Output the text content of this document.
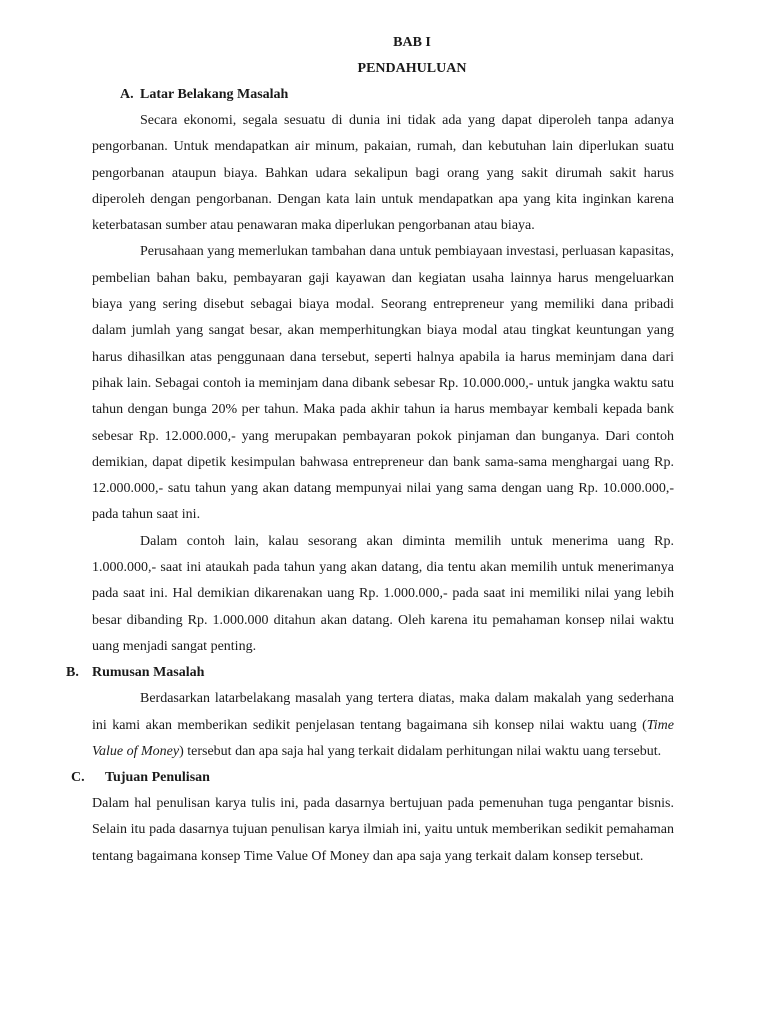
BAB I

PENDAHULUAN

A. Latar Belakang Masalah

Secara ekonomi, segala sesuatu di dunia ini tidak ada yang dapat diperoleh tanpa adanya pengorbanan. Untuk mendapatkan air minum, pakaian, rumah, dan kebutuhan lain diperlukan suatu pengorbanan ataupun biaya. Bahkan udara sekalipun bagi orang yang sakit dirumah sakit harus diperoleh dengan pengorbanan. Dengan kata lain untuk mendapatkan apa yang kita inginkan karena keterbatasan sumber atau penawaran maka diperlukan pengorbanan atau biaya.

Perusahaan yang memerlukan tambahan dana untuk pembiayaan investasi, perluasan kapasitas, pembelian bahan baku, pembayaran gaji kayawan dan kegiatan usaha lainnya harus mengeluarkan biaya yang sering disebut sebagai biaya modal. Seorang entrepreneur yang memiliki dana pribadi dalam jumlah yang sangat besar, akan memperhitungkan biaya modal atau tingkat keuntungan yang harus dihasilkan atas penggunaan dana tersebut, seperti halnya apabila ia harus meminjam dana dari pihak lain. Sebagai contoh ia meminjam dana dibank sebesar Rp. 10.000.000,- untuk jangka waktu satu tahun dengan bunga 20% per tahun. Maka pada akhir tahun ia harus membayar kembali kepada bank sebesar Rp. 12.000.000,- yang merupakan pembayaran pokok pinjaman dan bunganya. Dari contoh demikian, dapat dipetik kesimpulan bahwasa entrepreneur dan bank sama-sama menghargai uang Rp. 12.000.000,- satu tahun yang akan datang mempunyai nilai yang sama dengan uang Rp. 10.000.000,- pada tahun saat ini.

Dalam contoh lain, kalau sesorang akan diminta memilih untuk menerima uang Rp. 1.000.000,- saat ini ataukah pada tahun yang akan datang, dia tentu akan memilih untuk menerimanya pada saat ini. Hal demikian dikarenakan uang Rp. 1.000.000,- pada saat ini memiliki nilai yang lebih besar dibanding Rp. 1.000.000 ditahun akan datang. Oleh karena itu pemahaman konsep nilai waktu uang menjadi sangat penting.

B. Rumusan Masalah

Berdasarkan latarbelakang masalah yang tertera diatas, maka dalam makalah yang sederhana ini kami akan memberikan sedikit penjelasan tentang bagaimana sih konsep nilai waktu uang (Time Value of Money) tersebut dan apa saja hal yang terkait didalam perhitungan nilai waktu uang tersebut.

C.	Tujuan Penulisan

Dalam hal penulisan karya tulis ini, pada dasarnya bertujuan pada pemenuhan tuga pengantar bisnis. Selain itu pada dasarnya tujuan penulisan karya ilmiah ini, yaitu untuk memberikan sedikit pemahaman tentang bagaimana konsep Time Value Of Money dan apa saja yang terkait dalam konsep tersebut.
